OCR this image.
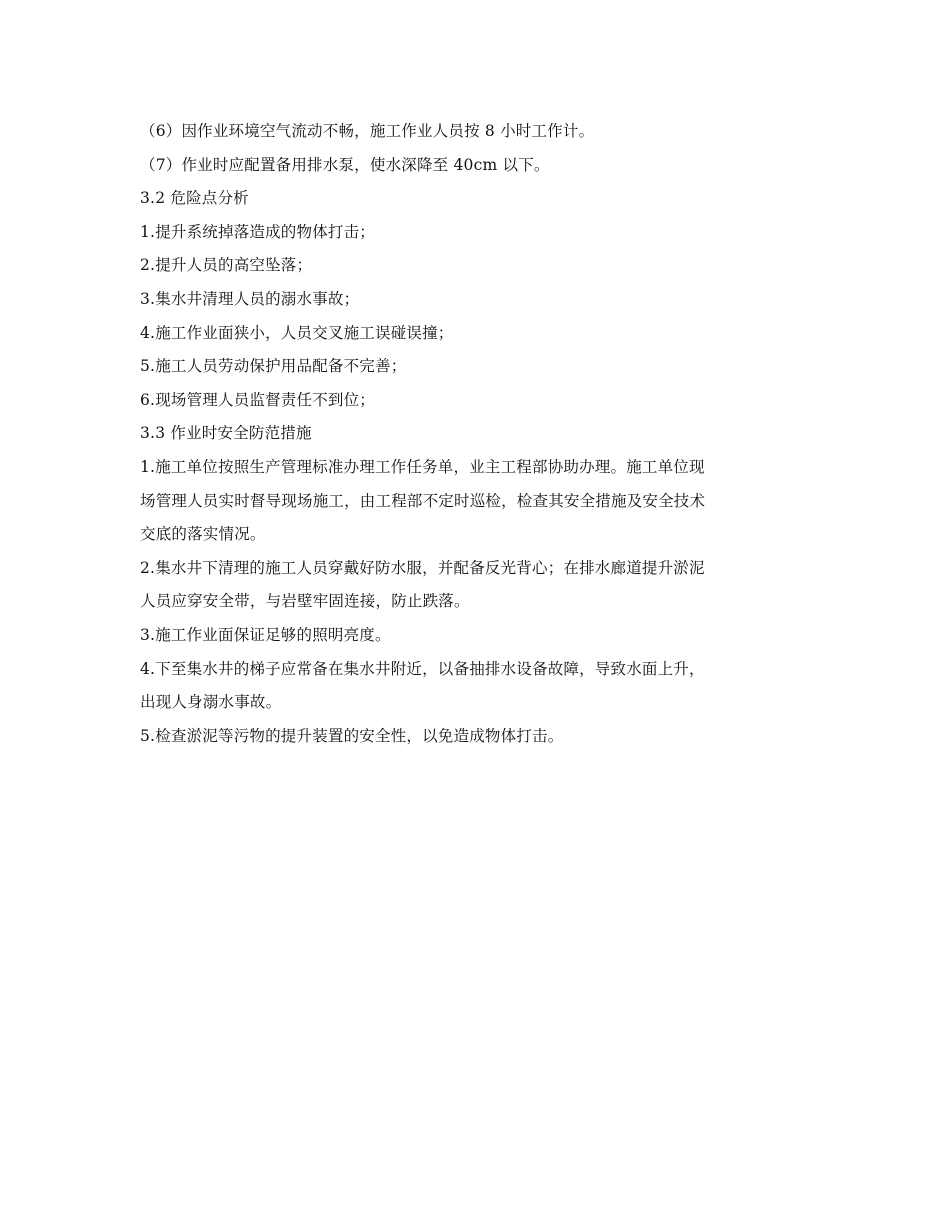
（6）因作业环境空气流动不畅，施工作业人员按 8 小时工作计。
（7）作业时应配置备用排水泵，使水深降至 40cm 以下。
3.2 危险点分析
1.提升系统掉落造成的物体打击；
2.提升人员的高空坠落；
3.集水井清理人员的溺水事故；
4.施工作业面狭小，人员交叉施工误碰误撞；
5.施工人员劳动保护用品配备不完善；
6.现场管理人员监督责任不到位；
3.3 作业时安全防范措施
1.施工单位按照生产管理标准办理工作任务单，业主工程部协助办理。施工单位现
场管理人员实时督导现场施工，由工程部不定时巡检，检查其安全措施及安全技术
交底的落实情况。
2.集水井下清理的施工人员穿戴好防水服，并配备反光背心；在排水廊道提升淤泥
人员应穿安全带，与岩壁牢固连接，防止跌落。
3.施工作业面保证足够的照明亮度。
4.下至集水井的梯子应常备在集水井附近，以备抽排水设备故障，导致水面上升，
出现人身溺水事故。
5.检查淤泥等污物的提升装置的安全性，以免造成物体打击。
